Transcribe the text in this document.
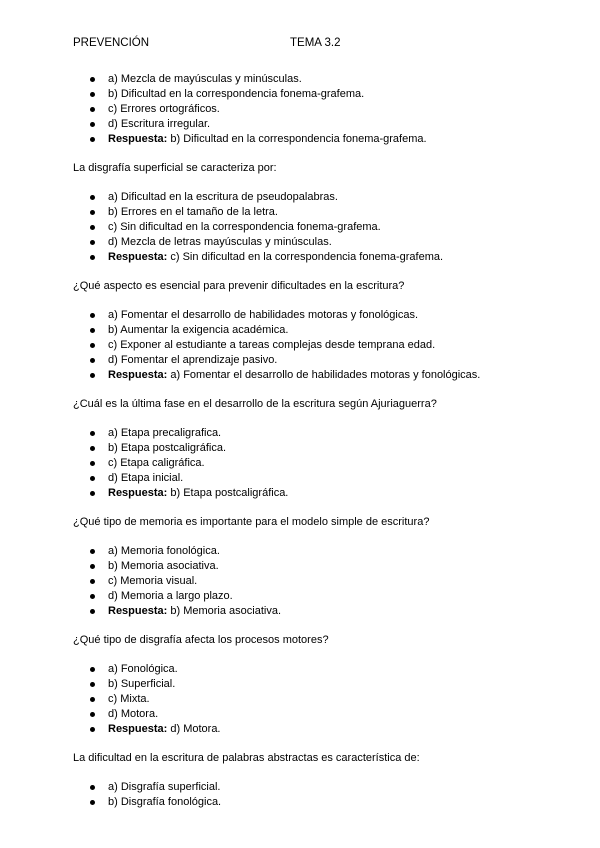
PREVENCIÓN	TEMA 3.2
a) Mezcla de mayúsculas y minúsculas.
b) Dificultad en la correspondencia fonema-grafema.
c) Errores ortográficos.
d) Escritura irregular.
Respuesta: b) Dificultad en la correspondencia fonema-grafema.
La disgrafía superficial se caracteriza por:
a) Dificultad en la escritura de pseudopalabras.
b) Errores en el tamaño de la letra.
c) Sin dificultad en la correspondencia fonema-grafema.
d) Mezcla de letras mayúsculas y minúsculas.
Respuesta: c) Sin dificultad en la correspondencia fonema-grafema.
¿Qué aspecto es esencial para prevenir dificultades en la escritura?
a) Fomentar el desarrollo de habilidades motoras y fonológicas.
b) Aumentar la exigencia académica.
c) Exponer al estudiante a tareas complejas desde temprana edad.
d) Fomentar el aprendizaje pasivo.
Respuesta: a) Fomentar el desarrollo de habilidades motoras y fonológicas.
¿Cuál es la última fase en el desarrollo de la escritura según Ajuriaguerra?
a) Etapa precaligrafica.
b) Etapa postcaligráfica.
c) Etapa caligráfica.
d) Etapa inicial.
Respuesta: b) Etapa postcaligráfica.
¿Qué tipo de memoria es importante para el modelo simple de escritura?
a) Memoria fonológica.
b) Memoria asociativa.
c) Memoria visual.
d) Memoria a largo plazo.
Respuesta: b) Memoria asociativa.
¿Qué tipo de disgrafía afecta los procesos motores?
a) Fonológica.
b) Superficial.
c) Mixta.
d) Motora.
Respuesta: d) Motora.
La dificultad en la escritura de palabras abstractas es característica de:
a) Disgrafía superficial.
b) Disgrafía fonológica.
